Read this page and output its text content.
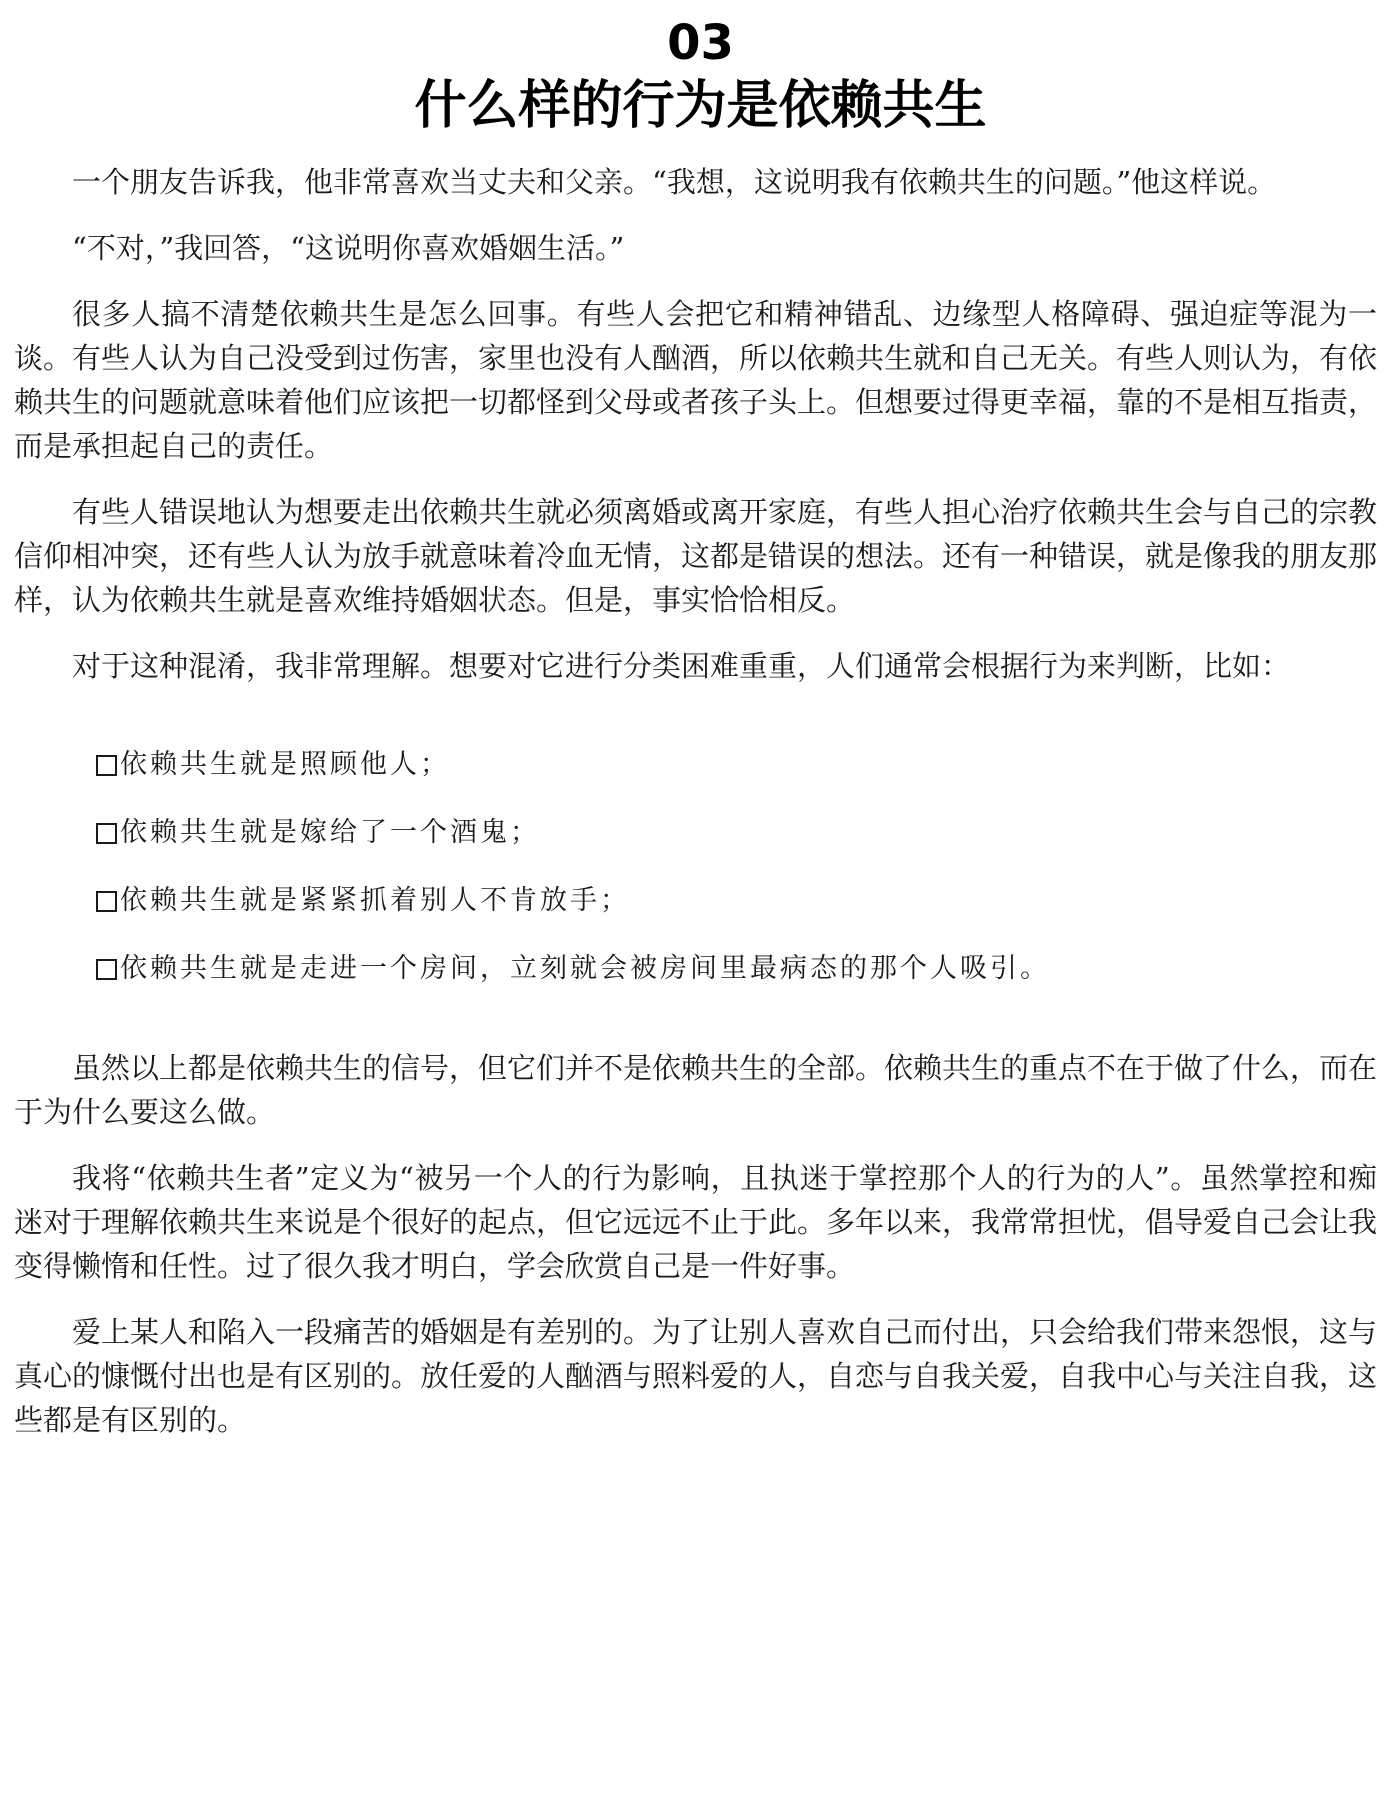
03
什么样的行为是依赖共生

一个朋友告诉我，他非常喜欢当丈夫和父亲。“我想，这说明我有依赖共生的问题。”他这样说。

“不对，”我回答，“这说明你喜欢婚姻生活。”

很多人搞不清楚依赖共生是怎么回事。有些人会把它和精神错乱、边缘型人格障碍、强迫症等混为一谈。有些人认为自己没受到过伤害，家里也没有人酗酒，所以依赖共生就和自己无关。有些人则认为，有依赖共生的问题就意味着他们应该把一切都怪到父母或者孩子头上。但想要过得更幸福，靠的不是相互指责，而是承担起自己的责任。

有些人错误地认为想要走出依赖共生就必须离婚或离开家庭，有些人担心治疗依赖共生会与自己的宗教信仰相冲突，还有些人认为放手就意味着冷血无情，这都是错误的想法。还有一种错误，就是像我的朋友那样，认为依赖共生就是喜欢维持婚姻状态。但是，事实恰恰相反。

对于这种混淆，我非常理解。想要对它进行分类困难重重，人们通常会根据行为来判断，比如：

依赖共生就是照顾他人；
依赖共生就是嫁给了一个酒鬼；
依赖共生就是紧紧抓着别人不肯放手；
依赖共生就是走进一个房间，立刻就会被房间里最病态的那个人吸引。

虽然以上都是依赖共生的信号，但它们并不是依赖共生的全部。依赖共生的重点不在于做了什么，而在于为什么要这么做。

我将“依赖共生者”定义为“被另一个人的行为影响，且执迷于掌控那个人的行为的人”。虽然掌控和痴迷对于理解依赖共生来说是个很好的起点，但它远远不止于此。多年以来，我常常担忧，倡导爱自己会让我变得懒惰和任性。过了很久我才明白，学会欣赏自己是一件好事。

爱上某人和陷入一段痛苦的婚姻是有差别的。为了让别人喜欢自己而付出，只会给我们带来怨恨，这与真心的慷慨付出也是有区别的。放任爱的人酗酒与照料爱的人，自恋与自我关爱，自我中心与关注自我，这些都是有区别的。
